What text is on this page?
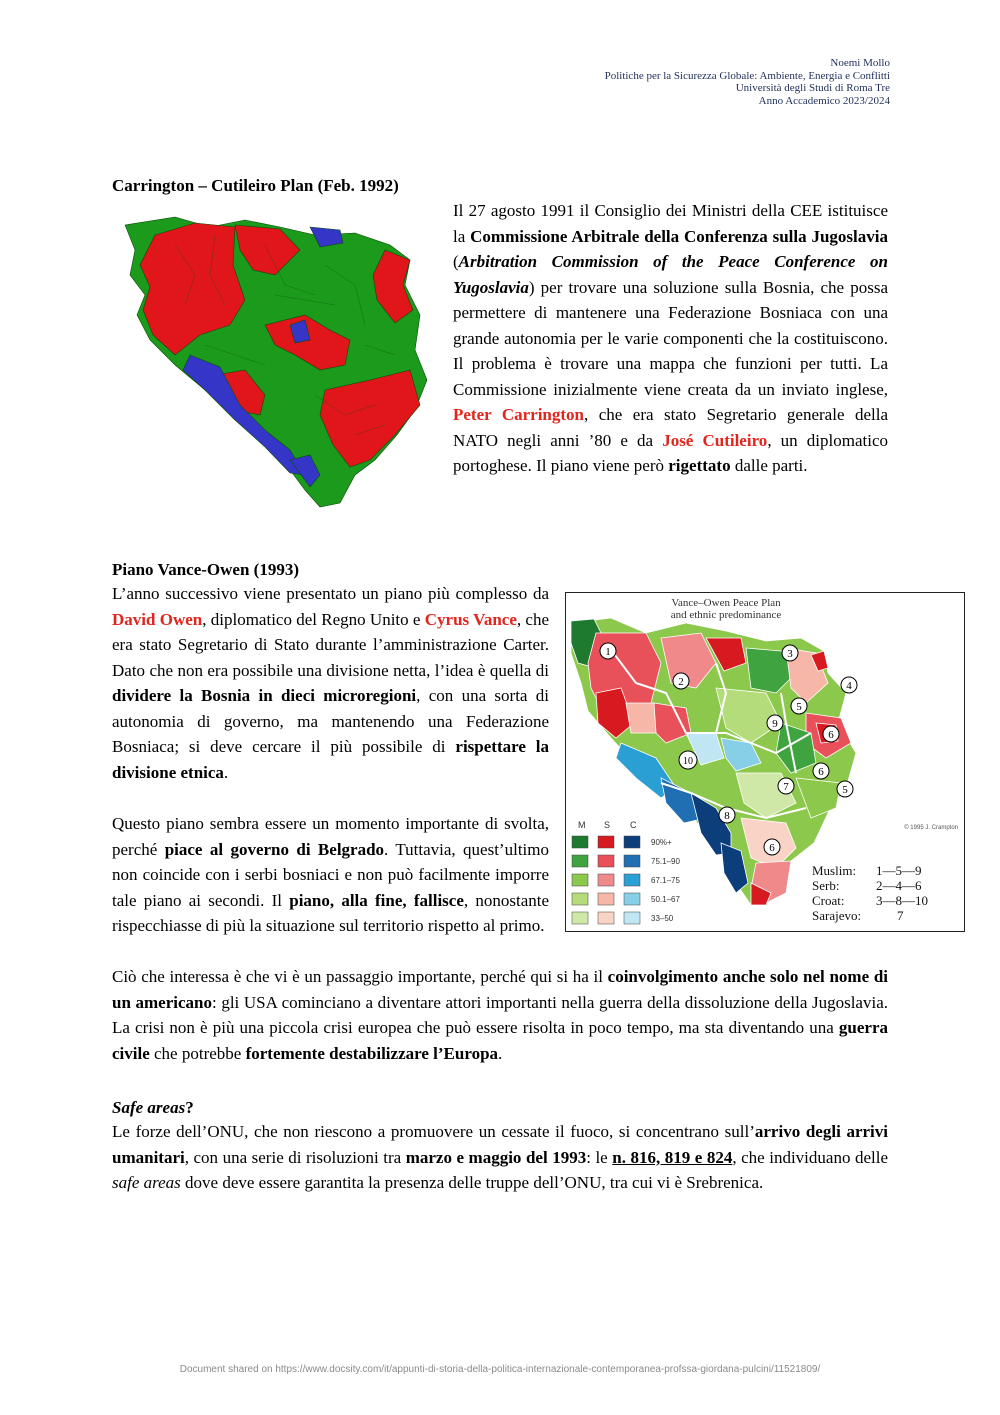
Noemi Mollo
Politiche per la Sicurezza Globale: Ambiente, Energia e Conflitti
Università degli Studi di Roma Tre
Anno Accademico 2023/2024
Carrington – Cutileiro Plan (Feb. 1992)

Il 27 agosto 1991 il Consiglio dei Ministri della CEE istituisce la Commissione Arbitrale della Conferenza sulla Jugoslavia (Arbitration Commission of the Peace Conference on Yugoslavia) per trovare una soluzione sulla Bosnia, che possa permettere di mantenere una Federazione Bosniaca con una grande autonomia per le varie componenti che la costituiscono. Il problema è trovare una mappa che funzioni per tutti. La Commissione inizialmente viene creata da un inviato inglese, Peter Carrington, che era stato Segretario generale della NATO negli anni ’80 e da José Cutileiro, un diplomatico portoghese. Il piano viene però rigettato dalle parti.

Piano Vance-Owen (1993)

L’anno successivo viene presentato un piano più complesso da David Owen, diplomatico del Regno Unito e Cyrus Vance, che era stato Segretario di Stato durante l’amministrazione Carter. Dato che non era possibile una divisione netta, l’idea è quella di dividere la Bosnia in dieci microregioni, con una sorta di autonomia di governo, ma mantenendo una Federazione Bosniaca; si deve cercare il più possibile di rispettare la divisione etnica.

Questo piano sembra essere un momento importante di svolta, perché piace al governo di Belgrado. Tuttavia, quest’ultimo non coincide con i serbi bosniaci e non può facilmente imporre tale piano ai secondi. Il piano, alla fine, fallisce, nonostante rispecchiasse di più la situazione sul territorio rispetto al primo.

Vance–Owen Peace Plan
and ethnic predominance
1
2
3
4
5
6
7
8
9
10
5
6
6
M S C
90%+
75.1–90
67.1–75
50.1–67
33–50
© 1995 J. Crampton
Muslim: 1—5—9
Serb:	2—4—6
Croat: 3—8—10
Sarajevo:	7

Ciò che interessa è che vi è un passaggio importante, perché qui si ha il coinvolgimento anche solo nel nome di un americano: gli USA cominciano a diventare attori importanti nella guerra della dissoluzione della Jugoslavia. La crisi non è più una piccola crisi europea che può essere risolta in poco tempo, ma sta diventando una guerra civile che potrebbe fortemente destabilizzare l’Europa.

Safe areas?

Le forze dell’ONU, che non riescono a promuovere un cessate il fuoco, si concentrano sull’arrivo degli arrivi umanitari, con una serie di risoluzioni tra marzo e maggio del 1993: le n. 816, 819 e 824, che individuano delle safe areas dove deve essere garantita la presenza delle truppe dell’ONU, tra cui vi è Srebrenica.

Document shared on https://www.docsity.com/it/appunti-di-storia-della-politica-internazionale-contemporanea-profssa-giordana-pulcini/11521809/
